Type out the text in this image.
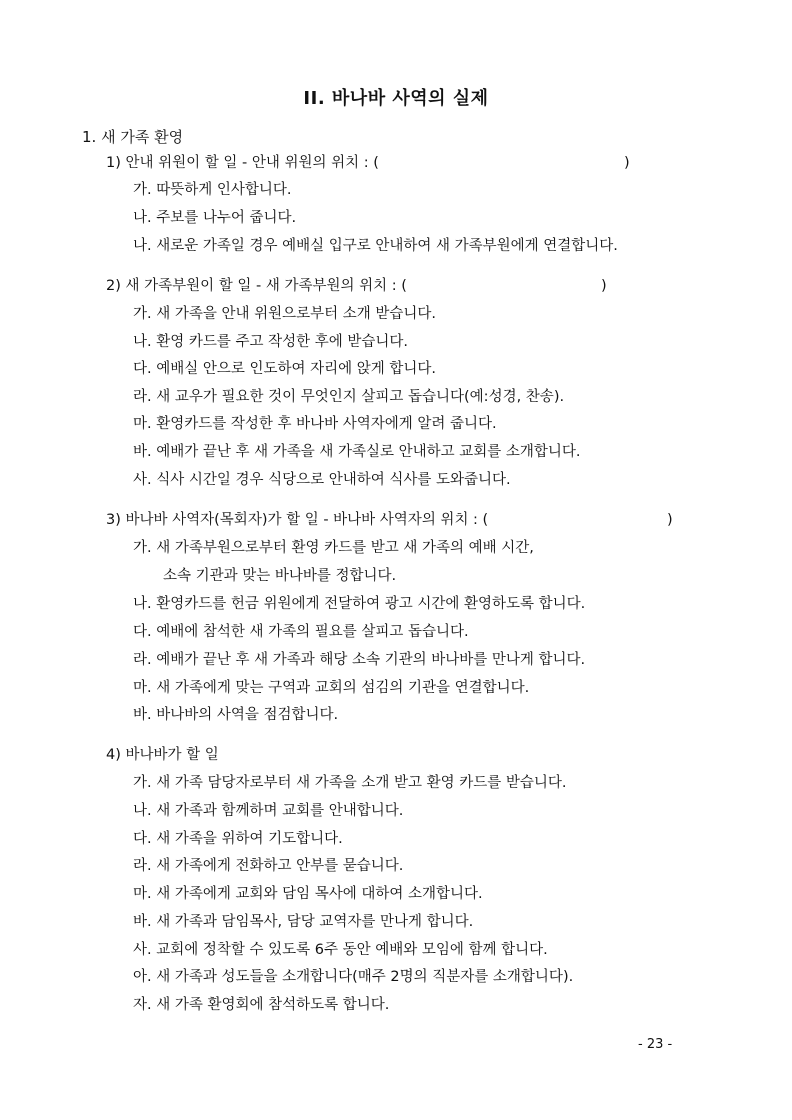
II. 바나바 사역의 실제
1. 새 가족 환영
1) 안내 위원이 할 일 - 안내 위원의 위치 : (	)
가. 따뜻하게 인사합니다.
나. 주보를 나누어 줍니다.
나. 새로운 가족일 경우 예배실 입구로 안내하여 새 가족부원에게 연결합니다.
2) 새 가족부원이 할 일 - 새 가족부원의 위치 : (	)
가. 새 가족을 안내 위원으로부터 소개 받습니다.
나. 환영 카드를 주고 작성한 후에 받습니다.
다. 예배실 안으로 인도하여 자리에 앉게 합니다.
라. 새 교우가 필요한 것이 무엇인지 살피고 돕습니다(예:성경, 찬송).
마. 환영카드를 작성한 후 바나바 사역자에게 알려 줍니다.
바. 예배가 끝난 후 새 가족을 새 가족실로 안내하고 교회를 소개합니다.
사. 식사 시간일 경우 식당으로 안내하여 식사를 도와줍니다.
3) 바나바 사역자(목회자)가 할 일 - 바나바 사역자의 위치 : (	)
가. 새 가족부원으로부터 환영 카드를 받고 새 가족의 예배 시간,
소속 기관과 맞는 바나바를 정합니다.
나. 환영카드를 헌금 위원에게 전달하여 광고 시간에 환영하도록 합니다.
다. 예배에 참석한 새 가족의 필요를 살피고 돕습니다.
라. 예배가 끝난 후 새 가족과 해당 소속 기관의 바나바를 만나게 합니다.
마. 새 가족에게 맞는 구역과 교회의 섬김의 기관을 연결합니다.
바. 바나바의 사역을 점검합니다.
4) 바나바가 할 일
가. 새 가족 담당자로부터 새 가족을 소개 받고 환영 카드를 받습니다.
나. 새 가족과 함께하며 교회를 안내합니다.
다. 새 가족을 위하여 기도합니다.
라. 새 가족에게 전화하고 안부를 묻습니다.
마. 새 가족에게 교회와 담임 목사에 대하여 소개합니다.
바. 새 가족과 담임목사, 담당 교역자를 만나게 합니다.
사. 교회에 정착할 수 있도록 6주 동안 예배와 모임에 함께 합니다.
아. 새 가족과 성도들을 소개합니다(매주 2명의 직분자를 소개합니다).
자. 새 가족 환영회에 참석하도록 합니다.
- 23 -
